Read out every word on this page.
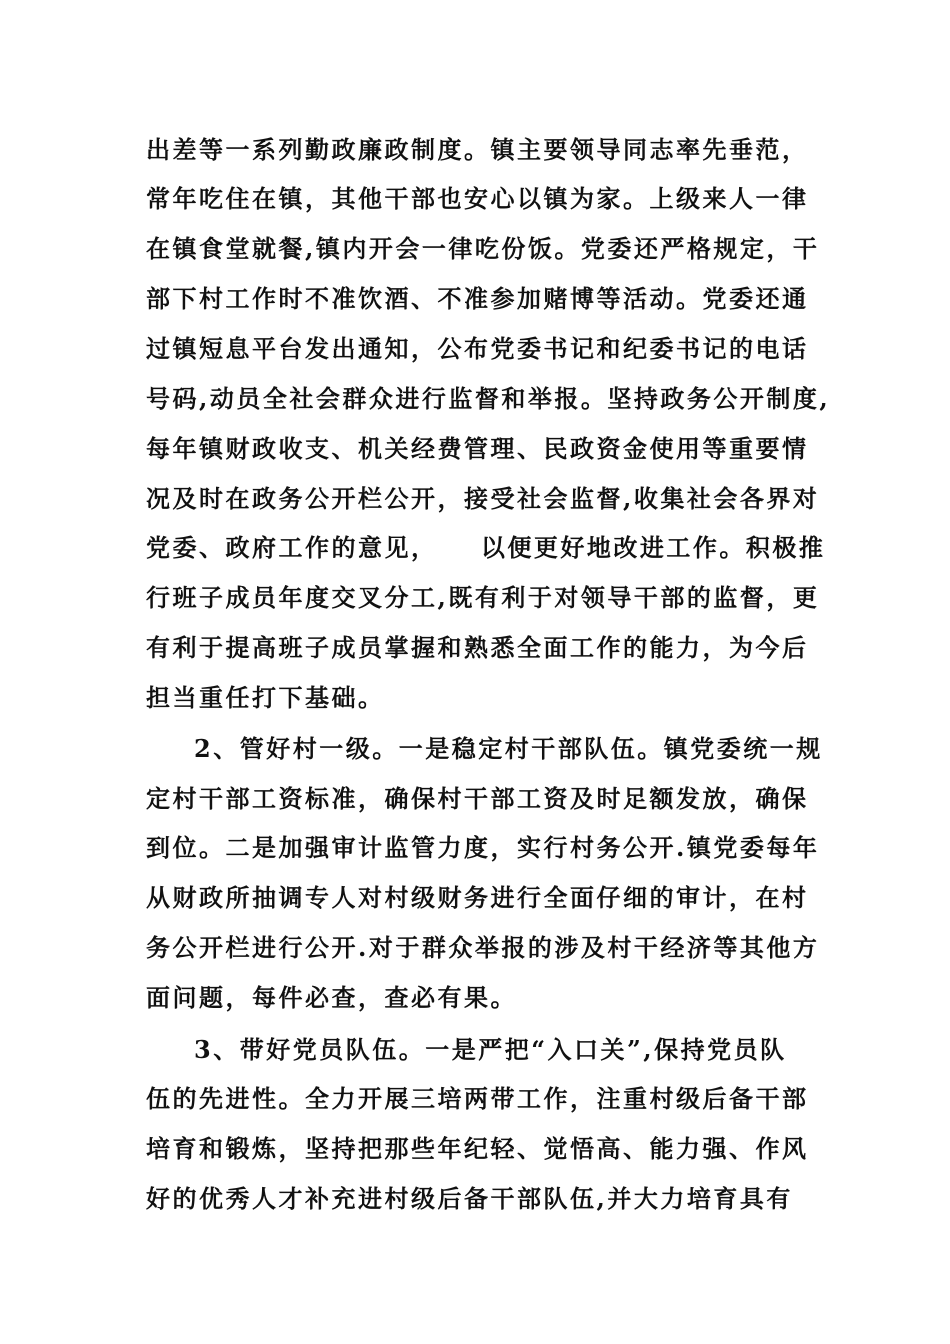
出差等一系列勤政廉政制度。镇主要领导同志率先垂范，
常年吃住在镇，其他干部也安心以镇为家。上级来人一律
在镇食堂就餐,镇内开会一律吃份饭。党委还严格规定，干
部下村工作时不准饮酒、不准参加赌博等活动。党委还通
过镇短息平台发出通知，公布党委书记和纪委书记的电话
号码,动员全社会群众进行监督和举报。坚持政务公开制度,
每年镇财政收支、机关经费管理、民政资金使用等重要情
况及时在政务公开栏公开，接受社会监督,收集社会各界对
党委、政府工作的意见，    以便更好地改进工作。积极推
行班子成员年度交叉分工,既有利于对领导干部的监督，更
有利于提高班子成员掌握和熟悉全面工作的能力，为今后
担当重任打下基础。
2、管好村一级。一是稳定村干部队伍。镇党委统一规
定村干部工资标准，确保村干部工资及时足额发放，确保
到位。二是加强审计监管力度，实行村务公开.镇党委每年
从财政所抽调专人对村级财务进行全面仔细的审计，在村
务公开栏进行公开.对于群众举报的涉及村干经济等其他方
面问题，每件必查，查必有果。
3、带好党员队伍。一是严把“入口关”,保持党员队
伍的先进性。全力开展三培两带工作，注重村级后备干部
培育和锻炼，坚持把那些年纪轻、觉悟高、能力强、作风
好的优秀人才补充进村级后备干部队伍,并大力培育具有
